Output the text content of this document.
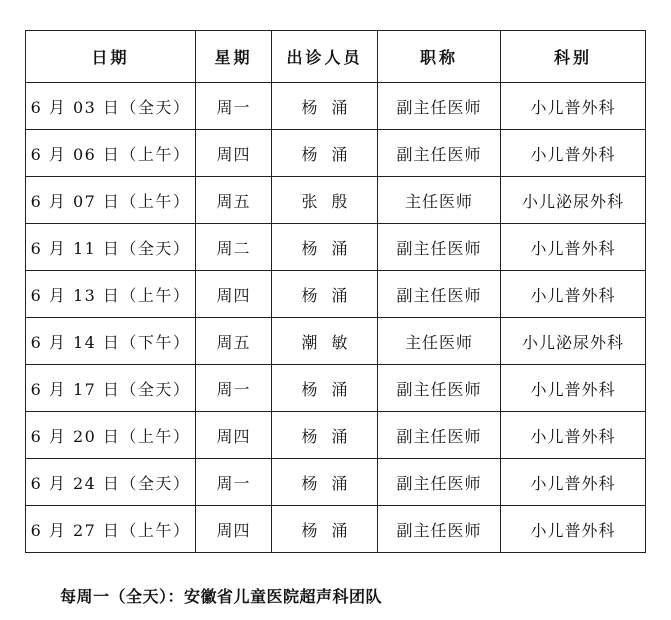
日期	星期	出诊人员	职称	科别
6 月 03 日（全天）	周一	杨涌	副主任医师	小儿普外科
6 月 06 日（上午）	周四	杨涌	副主任医师	小儿普外科
6 月 07 日（上午）	周五	张殷	主任医师	小儿泌尿外科
6 月 11 日（全天）	周二	杨涌	副主任医师	小儿普外科
6 月 13 日（上午）	周四	杨涌	副主任医师	小儿普外科
6 月 14 日（下午）	周五	潮敏	主任医师	小儿泌尿外科
6 月 17 日（全天）	周一	杨涌	副主任医师	小儿普外科
6 月 20 日（上午）	周四	杨涌	副主任医师	小儿普外科
6 月 24 日（全天）	周一	杨涌	副主任医师	小儿普外科
6 月 27 日（上午）	周四	杨涌	副主任医师	小儿普外科
每周一（全天）：安徽省儿童医院超声科团队
